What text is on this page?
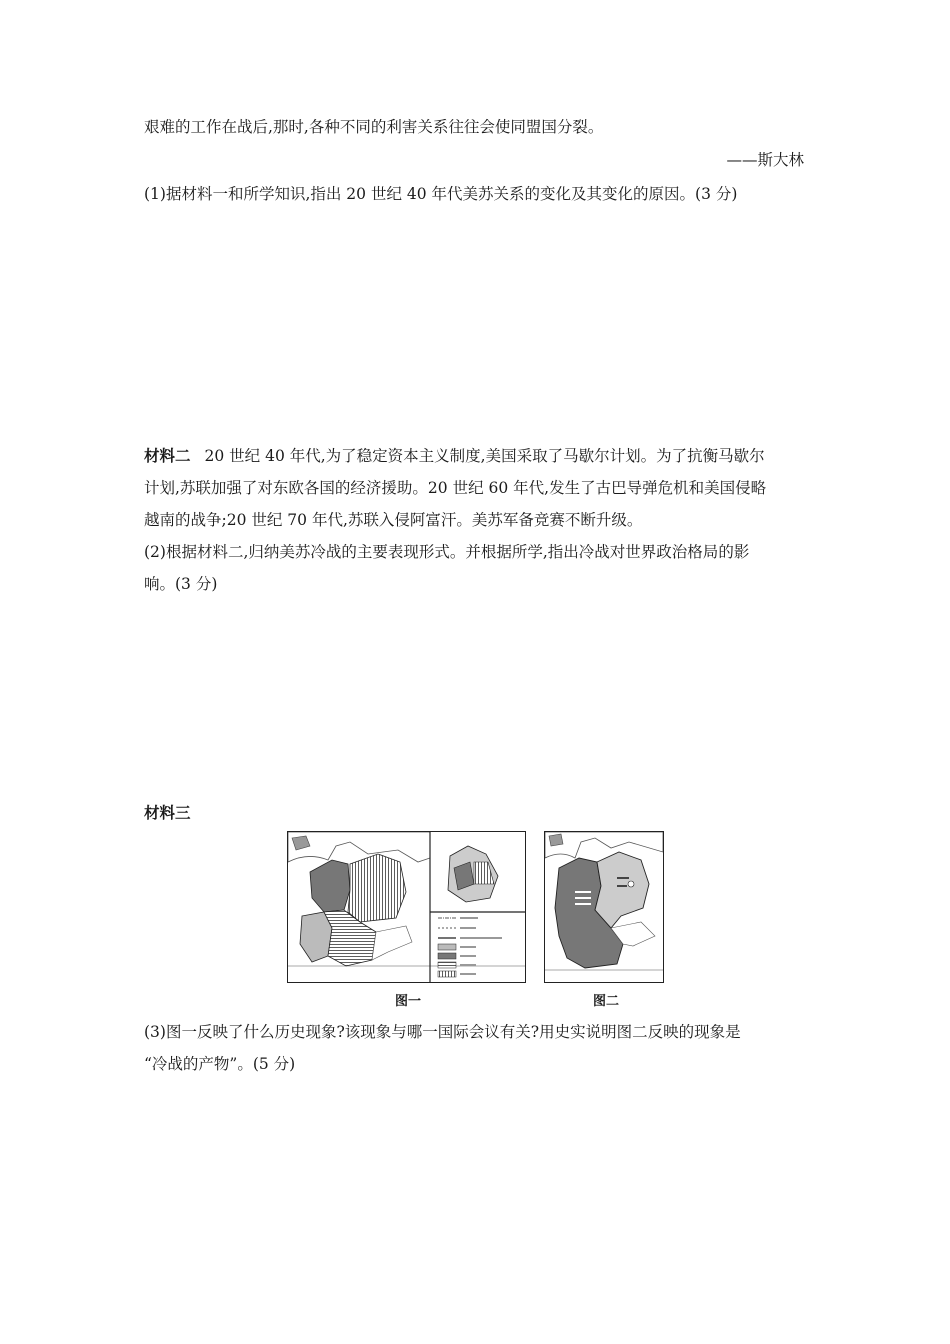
艰难的工作在战后,那时,各种不同的利害关系往往会使同盟国分裂。
——斯大林
(1)据材料一和所学知识,指出 20 世纪 40 年代美苏关系的变化及其变化的原因。(3 分)
材料二 20 世纪 40 年代,为了稳定资本主义制度,美国采取了马歇尔计划。为了抗衡马歇尔
计划,苏联加强了对东欧各国的经济援助。20 世纪 60 年代,发生了古巴导弹危机和美国侵略
越南的战争;20 世纪 70 年代,苏联入侵阿富汗。美苏军备竞赛不断升级。
(2)根据材料二,归纳美苏冷战的主要表现形式。并根据所学,指出冷战对世界政治格局的影
响。(3 分)
材料三
图一	图二
(3)图一反映了什么历史现象?该现象与哪一国际会议有关?用史实说明图二反映的现象是
“冷战的产物”。(5 分)
